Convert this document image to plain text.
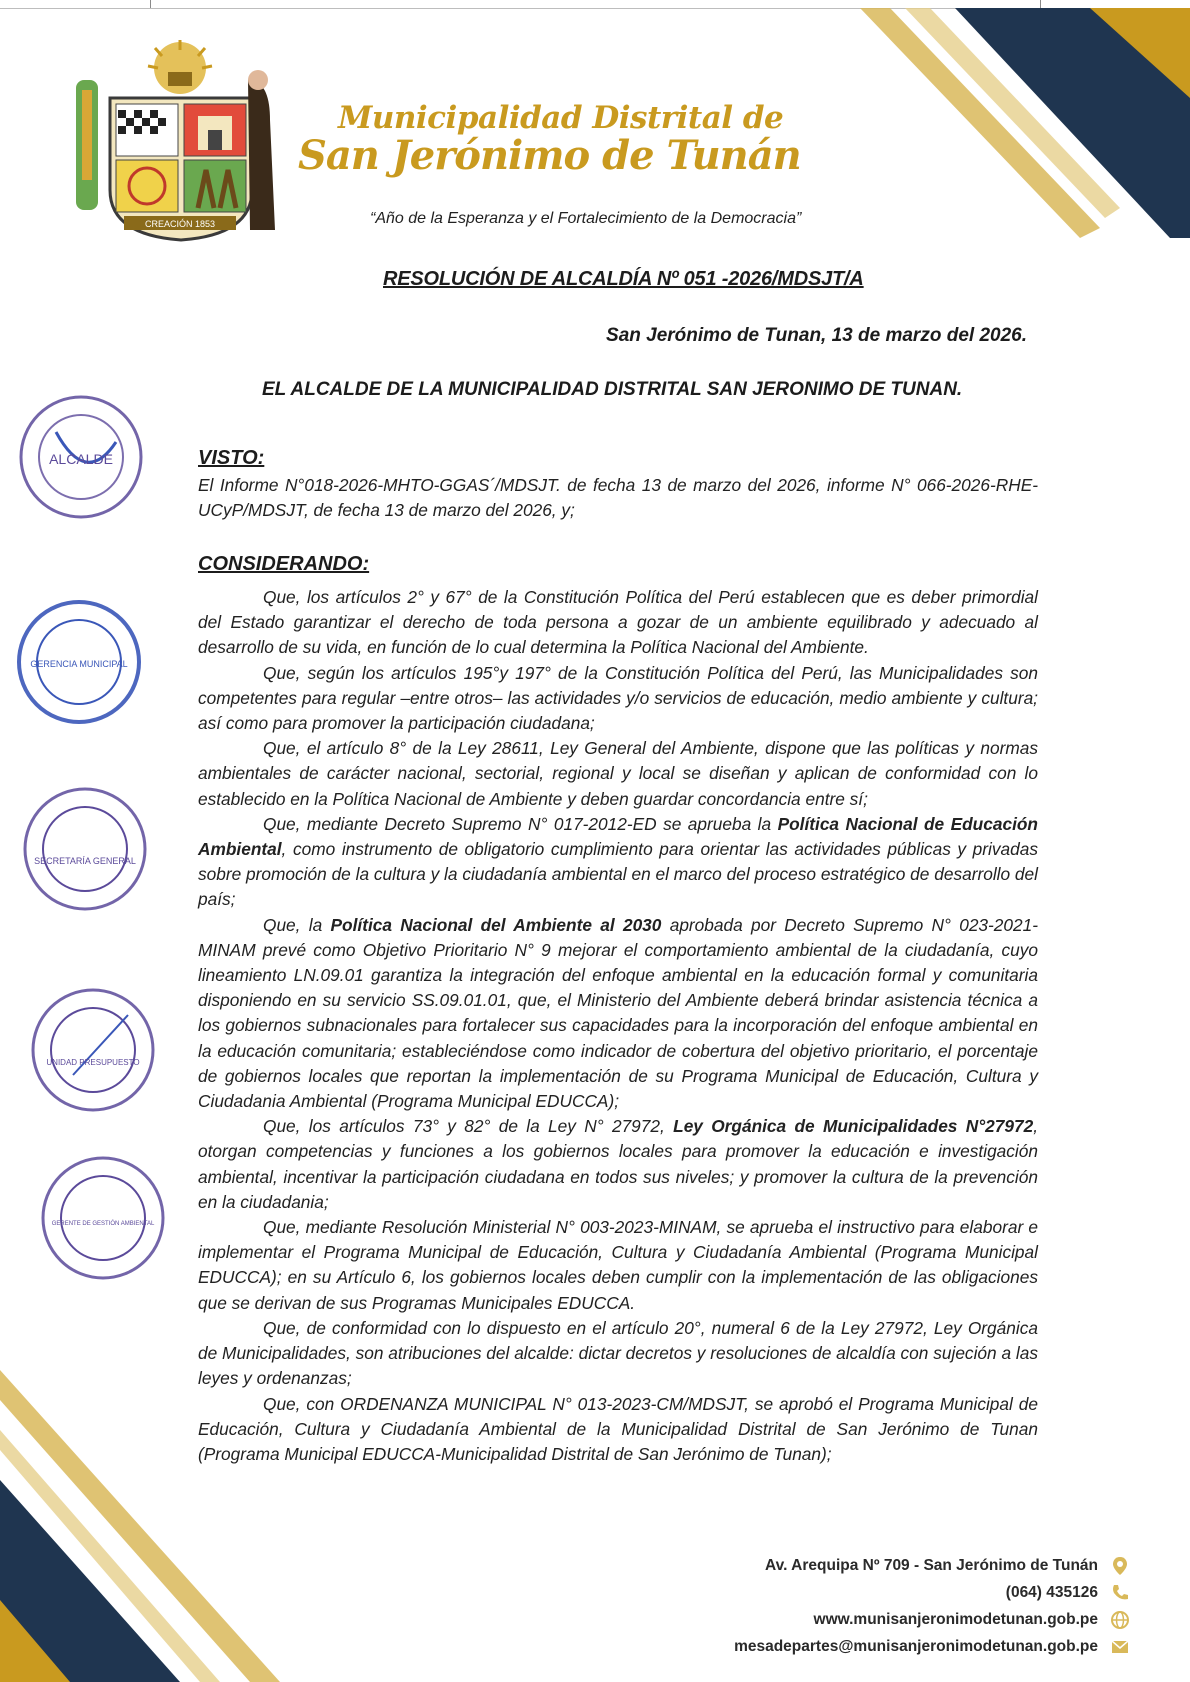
CREACIÓN 1853
Municipalidad Distrital de
San Jerónimo de Tunán
“Año de la Esperanza y el Fortalecimiento de la Democracia”
RESOLUCIÓN DE ALCALDÍA Nº 051 -2026/MDSJT/A
San Jerónimo de Tunan, 13 de marzo del 2026.
EL ALCALDE DE LA MUNICIPALIDAD DISTRITAL SAN JERONIMO DE TUNAN.
VISTO:

El Informe N°018-2026-MHTO-GGAS´/MDSJT. de fecha 13 de marzo del 2026, informe N° 066-2026-RHE-UCyP/MDSJT, de fecha 13 de marzo del 2026, y;

CONSIDERANDO:

Que, los artículos 2° y 67° de la Constitución Política del Perú establecen que es deber primordial del Estado garantizar el derecho de toda persona a gozar de un ambiente equilibrado y adecuado al desarrollo de su vida, en función de lo cual determina la Política Nacional del Ambiente.

Que, según los artículos 195°y 197° de la Constitución Política del Perú, las Municipalidades son competentes para regular –entre otros– las actividades y/o servicios de educación, medio ambiente y cultura; así como para promover la participación ciudadana;

Que, el artículo 8° de la Ley 28611, Ley General del Ambiente, dispone que las políticas y normas ambientales de carácter nacional, sectorial, regional y local se diseñan y aplican de conformidad con lo establecido en la Política Nacional de Ambiente y deben guardar concordancia entre sí;

Que, mediante Decreto Supremo N° 017-2012-ED se aprueba la Política Nacional de Educación Ambiental, como instrumento de obligatorio cumplimiento para orientar las actividades públicas y privadas sobre promoción de la cultura y la ciudadanía ambiental en el marco del proceso estratégico de desarrollo del país;

Que, la Política Nacional del Ambiente al 2030 aprobada por Decreto Supremo N° 023-2021-MINAM prevé como Objetivo Prioritario N° 9 mejorar el comportamiento ambiental de la ciudadanía, cuyo lineamiento LN.09.01 garantiza la integración del enfoque ambiental en la educación formal y comunitaria disponiendo en su servicio SS.09.01.01, que, el Ministerio del Ambiente deberá brindar asistencia técnica a los gobiernos subnacionales para fortalecer sus capacidades para la incorporación del enfoque ambiental en la educación comunitaria; estableciéndose como indicador de cobertura del objetivo prioritario, el porcentaje de gobiernos locales que reportan la implementación de su Programa Municipal de Educación, Cultura y Ciudadania Ambiental (Programa Municipal EDUCCA);

Que, los artículos 73° y 82° de la Ley N° 27972, Ley Orgánica de Municipalidades N°27972, otorgan competencias y funciones a los gobiernos locales para promover la educación e investigación ambiental, incentivar la participación ciudadana en todos sus niveles; y promover la cultura de la prevención en la ciudadania;

Que, mediante Resolución Ministerial N° 003-2023-MINAM, se aprueba el instructivo para elaborar e implementar el Programa Municipal de Educación, Cultura y Ciudadanía Ambiental (Programa Municipal EDUCCA); en su Artículo 6, los gobiernos locales deben cumplir con la implementación de las obligaciones que se derivan de sus Programas Municipales EDUCCA.

Que, de conformidad con lo dispuesto en el artículo 20°, numeral 6 de la Ley 27972, Ley Orgánica de Municipalidades, son atribuciones del alcalde: dictar decretos y resoluciones de alcaldía con sujeción a las leyes y ordenanzas;

Que, con ORDENANZA MUNICIPAL N° 013-2023-CM/MDSJT, se aprobó el Programa Municipal de Educación, Cultura y Ciudadanía Ambiental de la Municipalidad Distrital de San Jerónimo de Tunan (Programa Municipal EDUCCA-Municipalidad Distrital de San Jerónimo de Tunan);

ALCALDE
GERENCIA MUNICIPAL
SECRETARÍA GENERAL
UNIDAD PRESUPUESTO
GERENTE DE GESTIÓN AMBIENTAL
Av. Arequipa Nº 709 - San Jerónimo de Tunán
(064) 435126
www.munisanjeronimodetunan.gob.pe
mesadepartes@munisanjeronimodetunan.gob.pe
